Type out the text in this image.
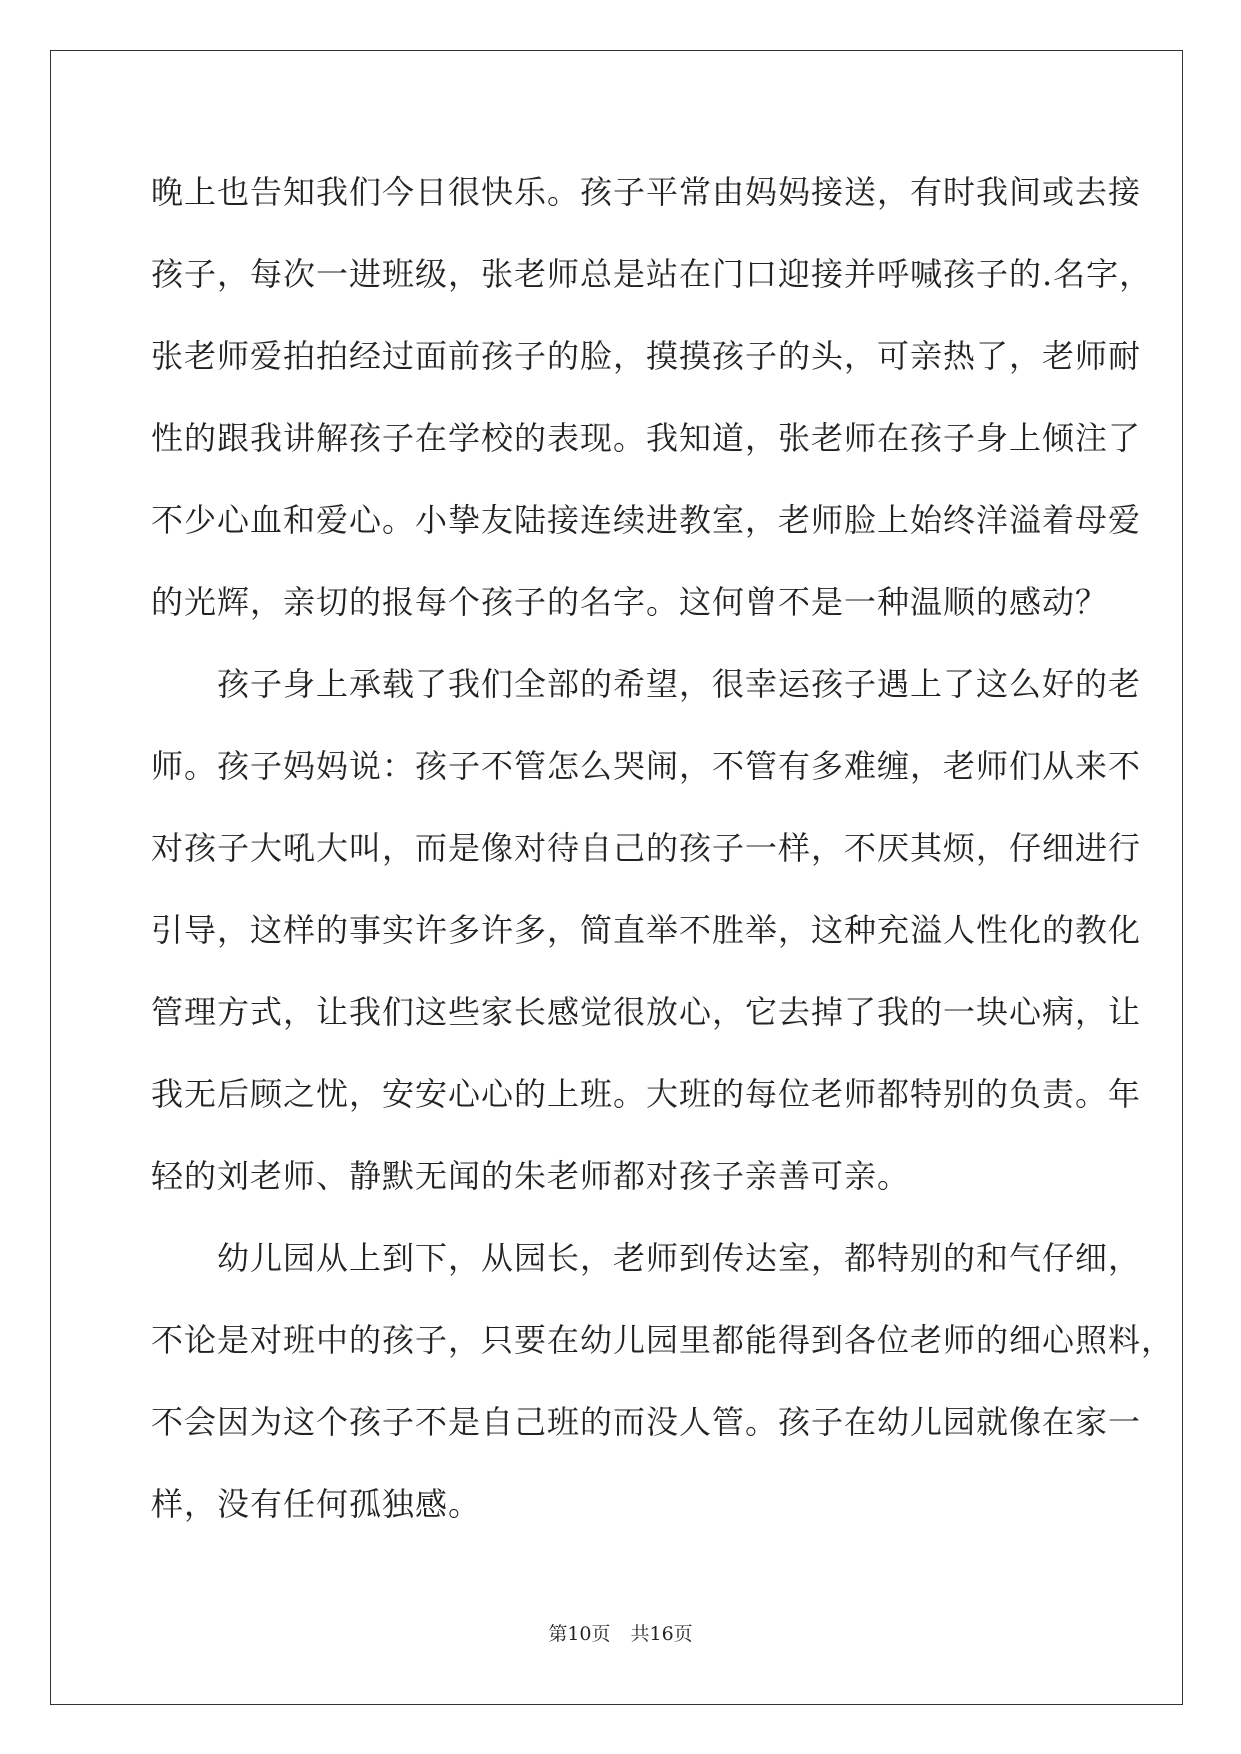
晚上也告知我们今日很快乐。孩子平常由妈妈接送，有时我间或去接
孩子，每次一进班级，张老师总是站在门口迎接并呼喊孩子的.名字，
张老师爱拍拍经过面前孩子的脸，摸摸孩子的头，可亲热了，老师耐
性的跟我讲解孩子在学校的表现。我知道，张老师在孩子身上倾注了
不少心血和爱心。小挚友陆接连续进教室，老师脸上始终洋溢着母爱
的光辉，亲切的报每个孩子的名字。这何曾不是一种温顺的感动？
　　孩子身上承载了我们全部的希望，很幸运孩子遇上了这么好的老
师。孩子妈妈说：孩子不管怎么哭闹，不管有多难缠，老师们从来不
对孩子大吼大叫，而是像对待自己的孩子一样，不厌其烦，仔细进行
引导，这样的事实许多许多，简直举不胜举，这种充溢人性化的教化
管理方式，让我们这些家长感觉很放心，它去掉了我的一块心病，让
我无后顾之忧，安安心心的上班。大班的每位老师都特别的负责。年
轻的刘老师、静默无闻的朱老师都对孩子亲善可亲。
　　幼儿园从上到下，从园长，老师到传达室，都特别的和气仔细，
不论是对班中的孩子，只要在幼儿园里都能得到各位老师的细心照料，
不会因为这个孩子不是自己班的而没人管。孩子在幼儿园就像在家一
样，没有任何孤独感。
第10页 共16页
